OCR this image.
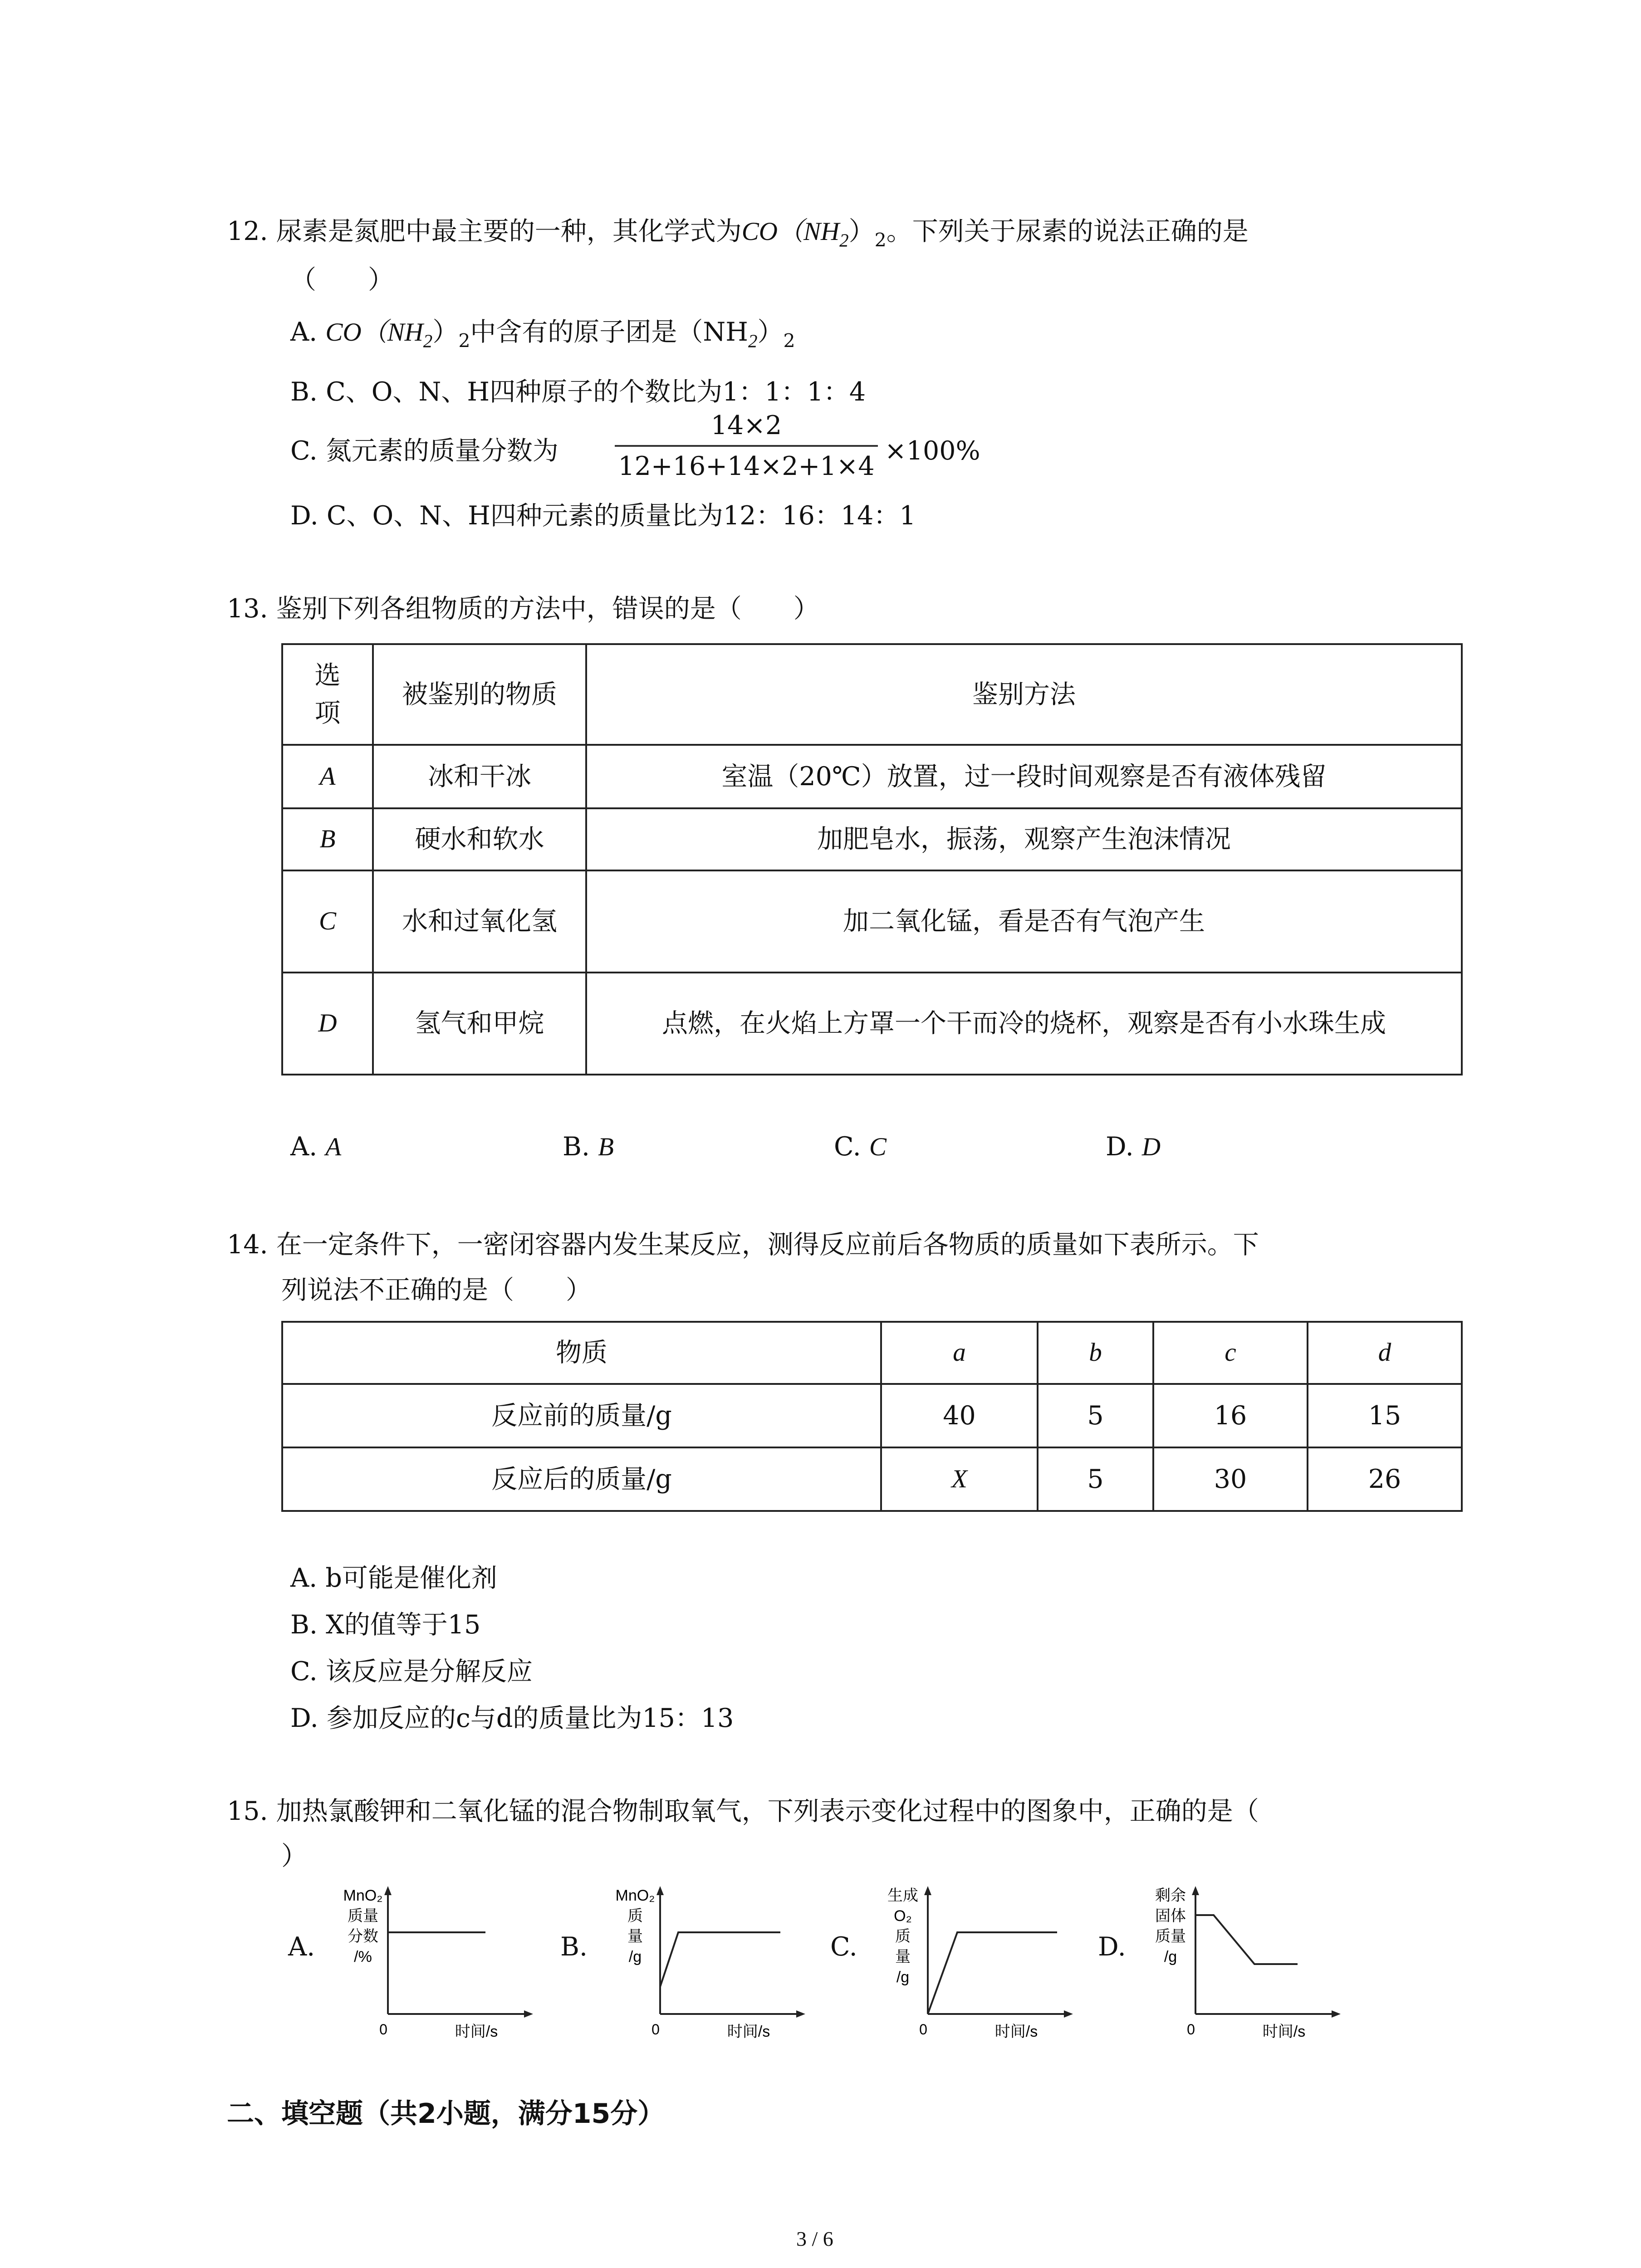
12. 尿素是氮肥中最主要的一种，其化学式为$CO(NH_2)_2$。下列关于尿素的说法正确的是
（　　）
A. $CO(NH_2)_2$中含有的原子团是$(NH_2)_2$
B. C、O、N、H四种原子的个数比为1：1：1：4
C. 氮元素的质量分数为
14×2
12+16+14×2+1×4
×100%
D. C、O、N、H四种元素的质量比为12：16：14：1
13. 鉴别下列各组物质的方法中，错误的是（　　）
选项	被鉴别的物质	鉴别方法
A	冰和干冰	室温（20℃）放置，过一段时间观察是否有液体残留
B	硬水和软水	加肥皂水，振荡，观察产生泡沫情况
C	水和过氧化氢	加二氧化锰，看是否有气泡产生
D	氢气和甲烷	点燃，在火焰上方罩一个干而冷的烧杯，观察是否有小水珠生成
A. A	B. B	C. C	D. D
14. 在一定条件下，一密闭容器内发生某反应，测得反应前后各物质的质量如下表所示。下
列说法不正确的是（　　）
物质	a	b	c	d
反应前的质量/g	40	5	16	15
反应后的质量/g	X	5	30	26
A. b可能是催化剂
B. X的值等于15
C. 该反应是分解反应
D. 参加反应的c与d的质量比为15：13
15. 加热氯酸钾和二氧化锰的混合物制取氧气，下列表示变化过程中的图象中，正确的是（
）
A.	B.	C.	D.
MnO₂
质量
分数
/%
0	时间/s
MnO₂
质
量
/g
0	时间/s
生成
O₂
质
量
/g
0	时间/s
剩余
固体
质量
/g
0	时间/s
二、填空题（共2小题，满分15分）
3 / 6
